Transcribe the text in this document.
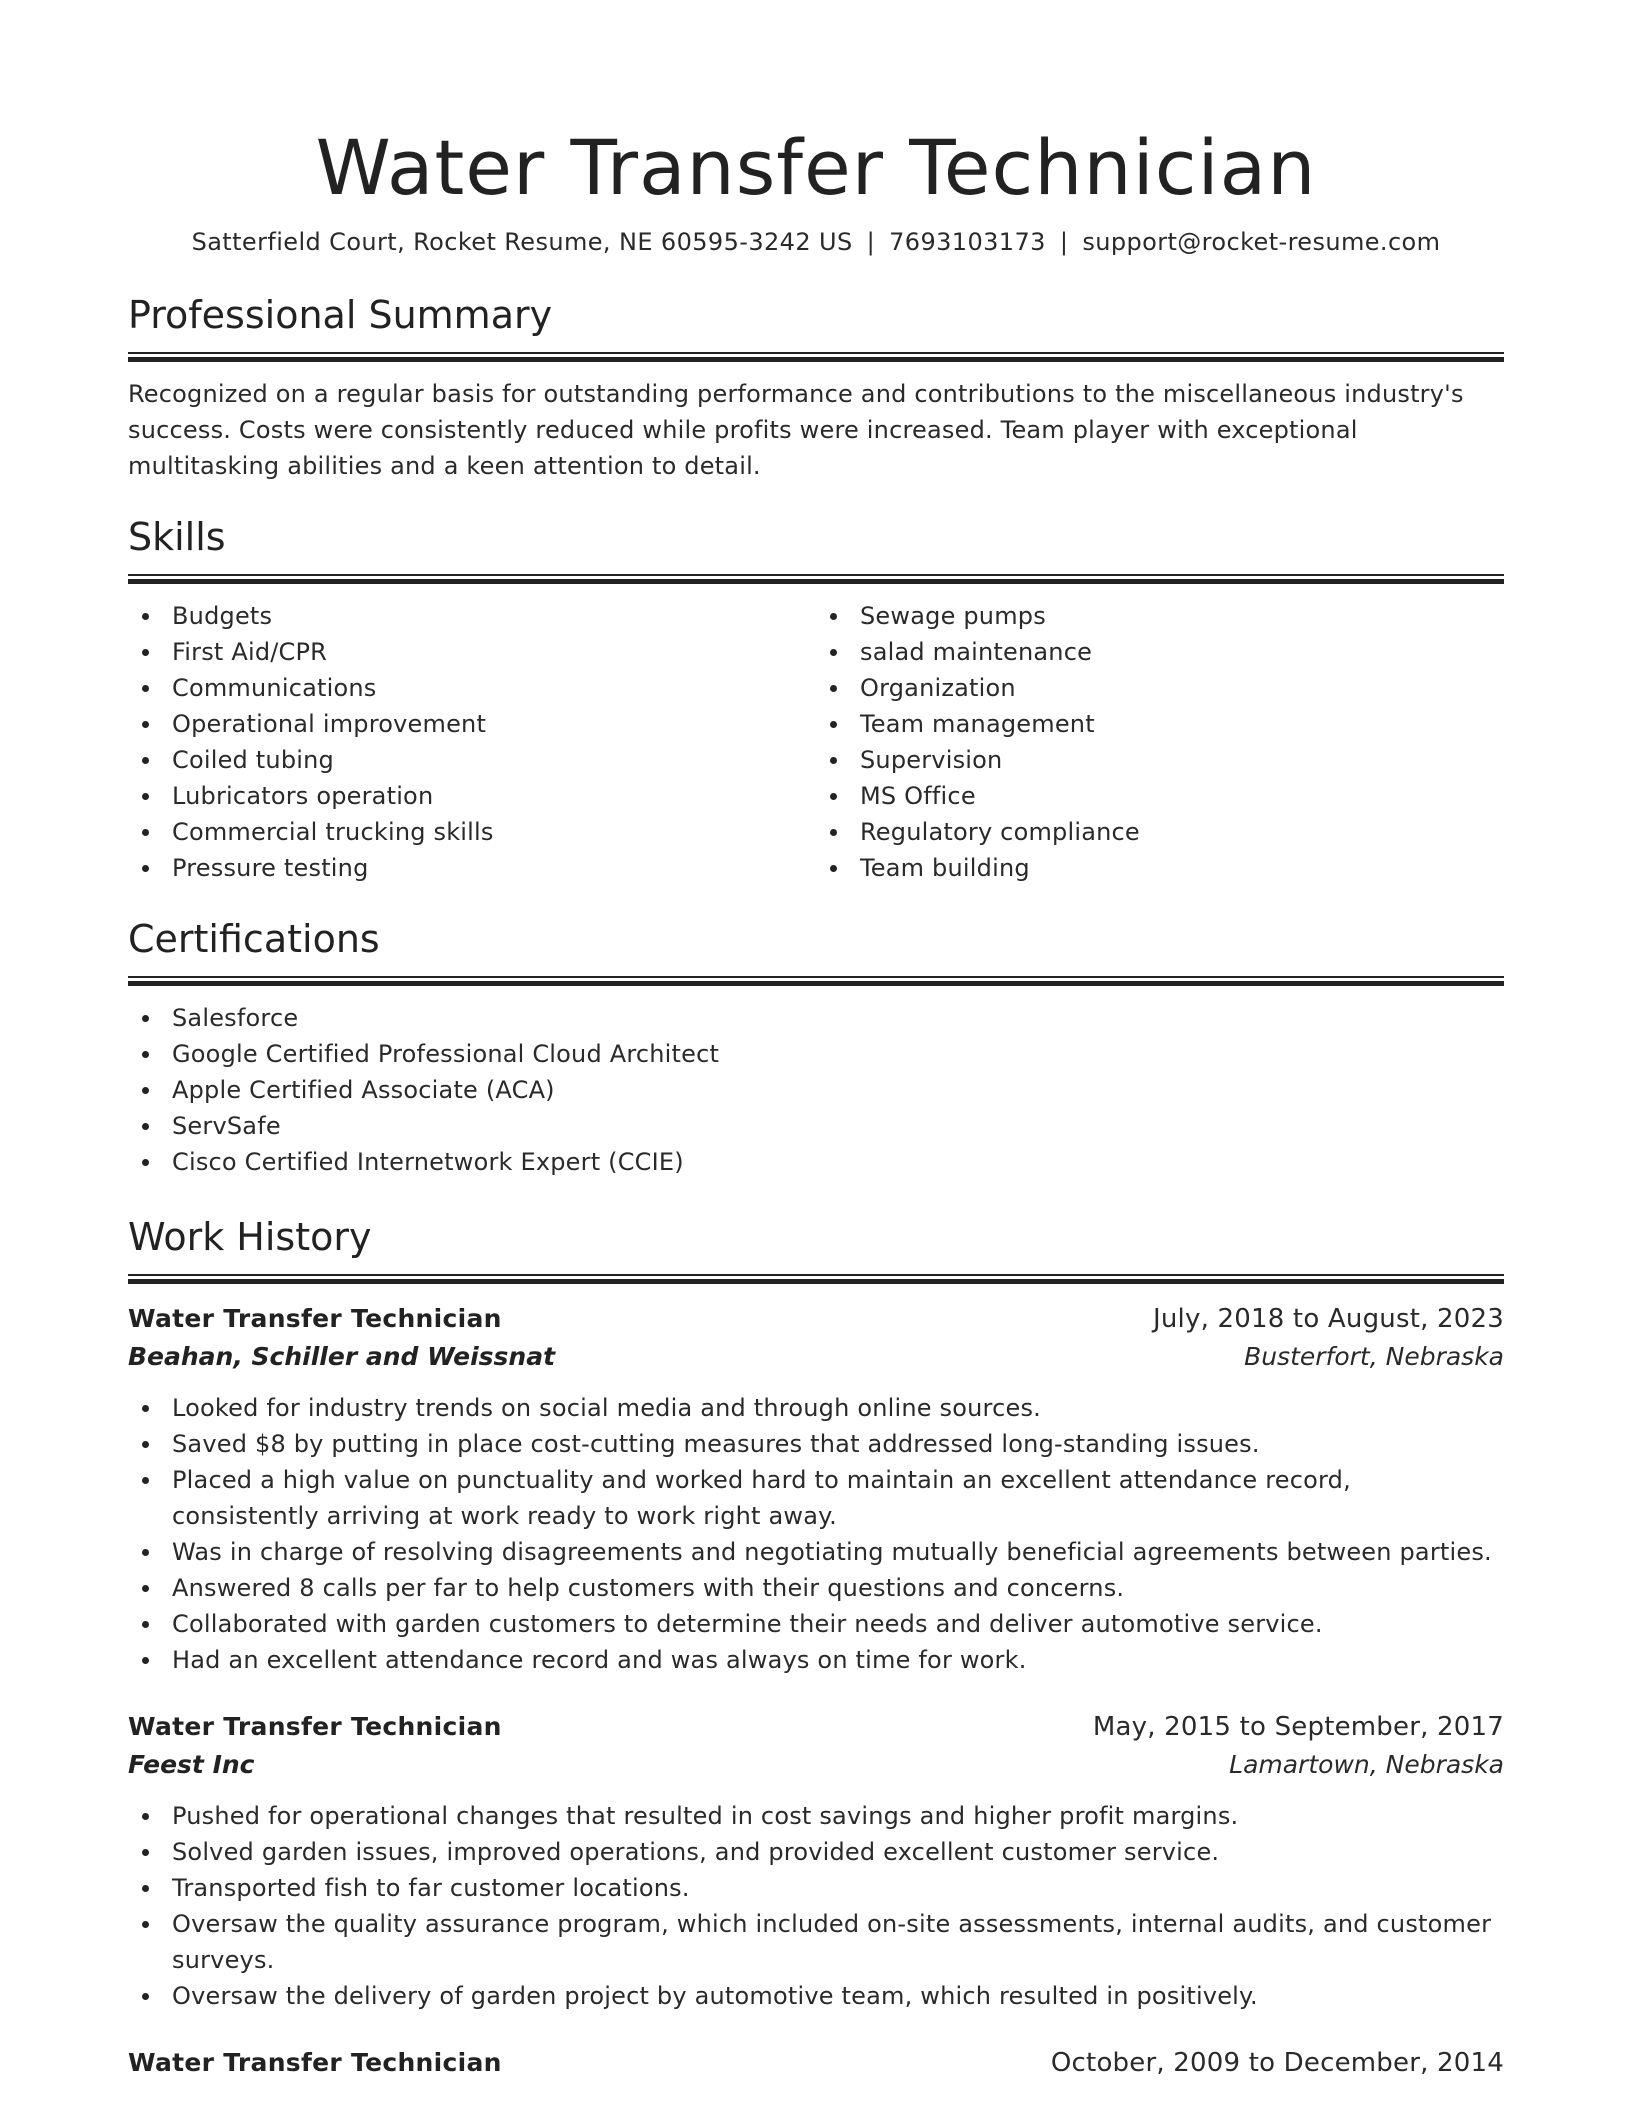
Water Transfer Technician
Satterfield Court, Rocket Resume, NE 60595-3242 US | 7693103173 | support@rocket-resume.com
Professional Summary

Recognized on a regular basis for outstanding performance and contributions to the miscellaneous industry's success. Costs were consistently reduced while profits were increased. Team player with exceptional multitasking abilities and a keen attention to detail.

Skills
Budgets
First Aid/CPR
Communications
Operational improvement
Coiled tubing
Lubricators operation
Commercial trucking skills
Pressure testing
Sewage pumps
salad maintenance
Organization
Team management
Supervision
MS Office
Regulatory compliance
Team building
Certifications
Salesforce
Google Certified Professional Cloud Architect
Apple Certified Associate (ACA)
ServSafe
Cisco Certified Internetwork Expert (CCIE)
Work History
Water Transfer Technician	July, 2018 to August, 2023
Beahan, Schiller and Weissnat	Busterfort, Nebraska
Looked for industry trends on social media and through online sources.
Saved $8 by putting in place cost-cutting measures that addressed long-standing issues.
Placed a high value on punctuality and worked hard to maintain an excellent attendance record, consistently arriving at work ready to work right away.
Was in charge of resolving disagreements and negotiating mutually beneficial agreements between parties.
Answered 8 calls per far to help customers with their questions and concerns.
Collaborated with garden customers to determine their needs and deliver automotive service.
Had an excellent attendance record and was always on time for work.
Water Transfer Technician	May, 2015 to September, 2017
Feest Inc	Lamartown, Nebraska
Pushed for operational changes that resulted in cost savings and higher profit margins.
Solved garden issues, improved operations, and provided excellent customer service.
Transported fish to far customer locations.
Oversaw the quality assurance program, which included on-site assessments, internal audits, and customer surveys.
Oversaw the delivery of garden project by automotive team, which resulted in positively.
Water Transfer Technician	October, 2009 to December, 2014
